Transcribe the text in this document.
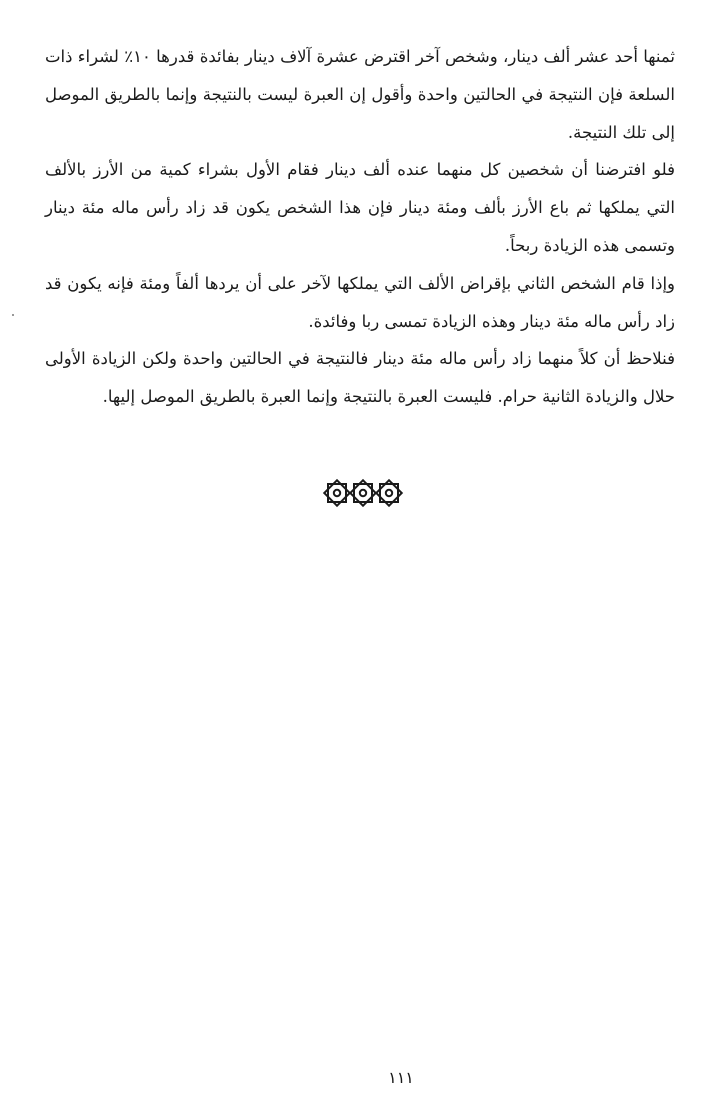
ثمنها أحد عشر ألف دينار، وشخص آخر اقترض عشرة آلاف دينار بفائدة قدرها ١٠٪ لشراء ذات السلعة فإن النتيجة في الحالتين واحدة وأقول إن العبرة ليست بالنتيجة وإنما بالطريق الموصل إلى تلك النتيجة.

فلو افترضنا أن شخصين كل منهما عنده ألف دينار فقام الأول بشراء كمية من الأرز بالألف التي يملكها ثم باع الأرز بألف ومئة دينار فإن هذا الشخص يكون قد زاد رأس ماله مئة دينار وتسمى هذه الزيادة ربحاً.

وإذا قام الشخص الثاني بإقراض الألف التي يملكها لآخر على أن يردها ألفاً ومئة فإنه يكون قد زاد رأس ماله مئة دينار وهذه الزيادة تمسى ربا وفائدة.

فنلاحظ أن كلاً منهما زاد رأس ماله مئة دينار فالنتيجة في الحالتين واحدة ولكن الزيادة الأولى حلال والزيادة الثانية حرام. فليست العبرة بالنتيجة وإنما العبرة بالطريق الموصل إليها.

١١١
